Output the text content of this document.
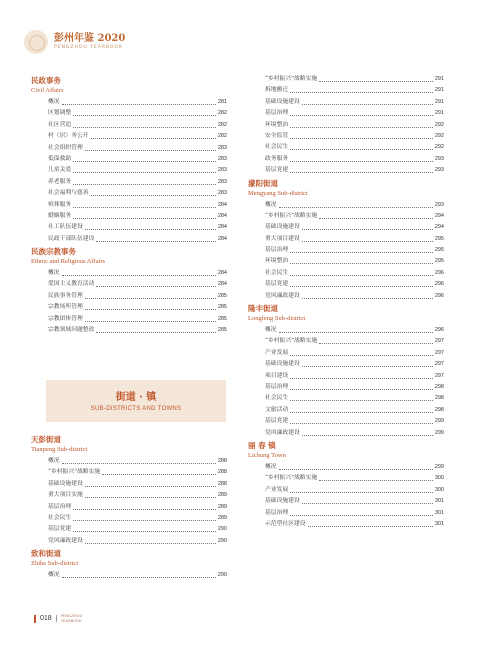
彭州年鉴 2020
PENGZHOU YEARBOOK
民政事务
Civil Affairs
概况	281
区划调整	282
社区营造	282
村（居）务公开	282
社会组织管理	283
低保救助	283
儿童关爱	283
养老服务	283
社会福利与慈善	283
殡葬服务	284
婚姻服务	284
社工队伍建设	284
民政干部队伍建设	284
民族宗教事务
Ethnic and Religious Affairs
概况	284
爱国主义教育活动	284
民族事务管理	285
宗教场所管理	285
宗教团体管理	285
宗教领域问题整改	285
街道 · 镇
SUB-DISTRICTS AND TOWNS
天彭街道
Tianpeng Sub-district
概况	288
“乡村振兴”战略实施	288
基础设施建设	288
重大项目实施	289
基层治理	289
社会民生	289
基层党建	290
党风廉政建设	290
致和街道
Zhihe Sub-district
概况	290
“乡村振兴”战略实施	291
拆地搬迁	291
基础设施建设	291
基层治理	291
环境整治	292
安全监管	292
社会民生	292
政务服务	293
基层党建	293
濛阳街道
Mengyang Sub-district
概况	293
“乡村振兴”战略实施	294
基础设施建设	294
重大项目建设	295
基层治理	295
环境整治	295
社会民生	296
基层党建	296
党风廉政建设	296
隆丰街道
Longfeng Sub-district
概况	296
“乡村振兴”战略实施	297
产业发展	297
基础设施建设	297
项目建设	297
基层治理	298
社会民生	298
文旅活动	298
基层党建	299
党风廉政建设	299
丽 春 镇
Lichung Town
概况	299
“乡村振兴”战略实施	300
产业发展	300
基础设施建设	301
基层治理	301
示范型社区建设	301
018 PENGZHOU
YEARBOOK
